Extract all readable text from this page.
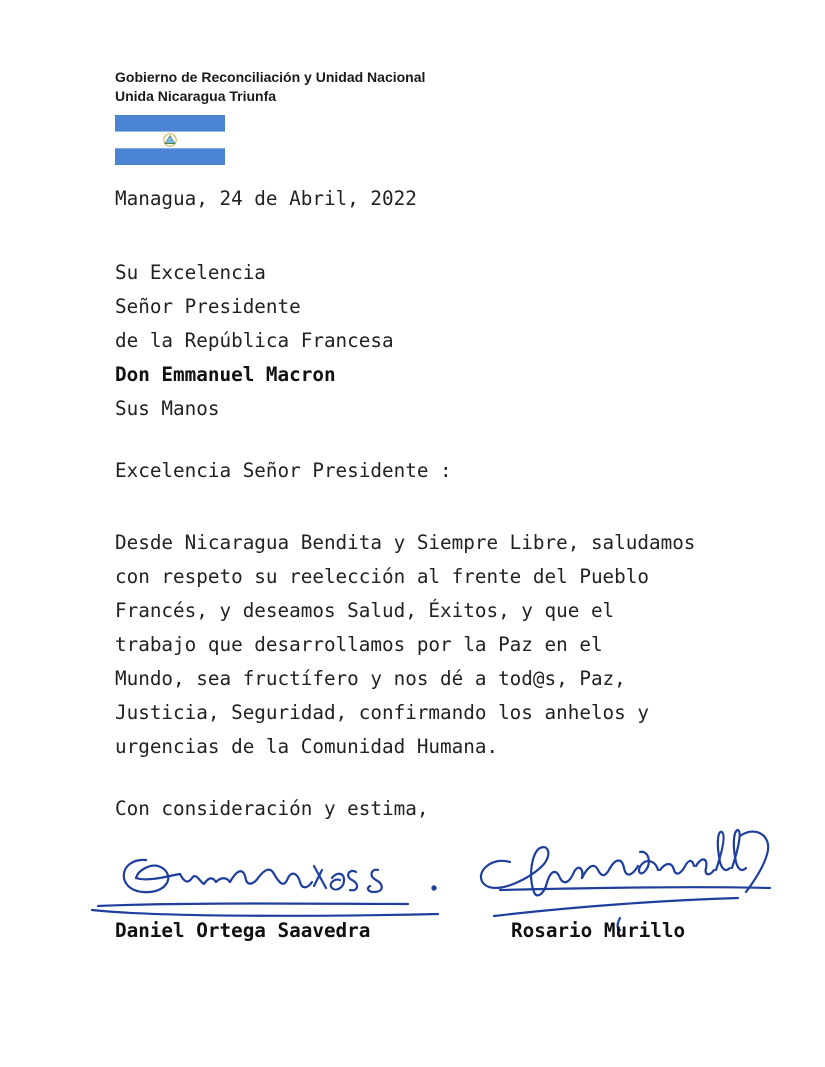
Gobierno de Reconciliación y Unidad Nacional
Unida Nicaragua Triunfa
Managua, 24 de Abril, 2022
Su Excelencia
Señor Presidente
de la República Francesa
Don Emmanuel Macron
Sus Manos
Excelencia Señor Presidente :
Desde Nicaragua Bendita y Siempre Libre, saludamos
con respeto su reelección al frente del Pueblo
Francés, y deseamos Salud, Éxitos, y que el
trabajo que desarrollamos por la Paz en el
Mundo, sea fructífero y nos dé a tod@s, Paz,
Justicia, Seguridad, confirmando los anhelos y
urgencias de la Comunidad Humana.
Con consideración y estima,
Daniel Ortega Saavedra	Rosario Murillo
